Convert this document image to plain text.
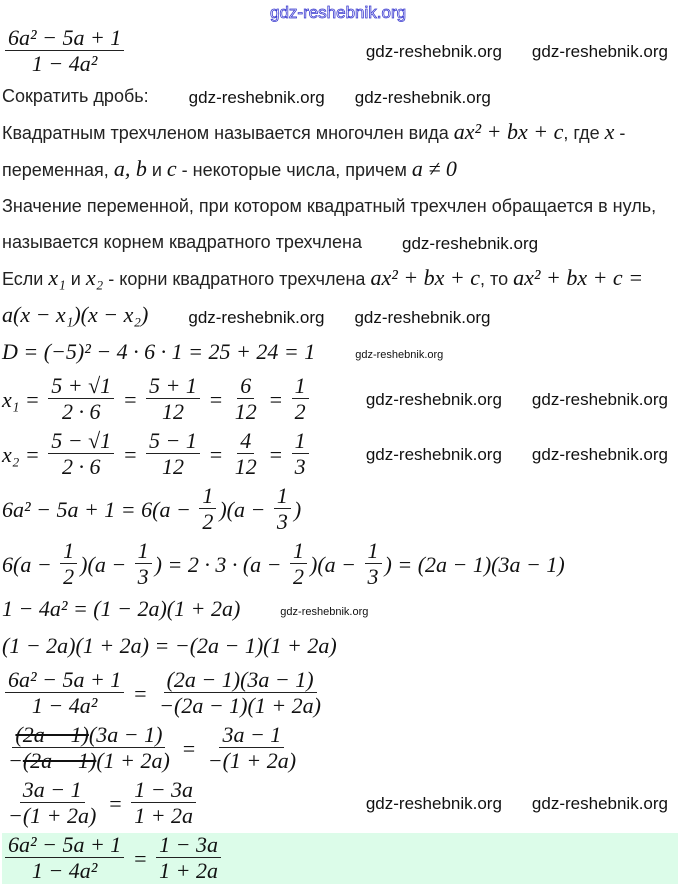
gdz-reshebnik.org
$\frac{\text{6a² − 5a + 1}}{\text{1 − 4a²}}$	gdz-reshebnik.org gdz-reshebnik.org
Сократить дробь: gdz-reshebnik.org gdz-reshebnik.org
Квадратным трехчленом называется многочлен вида ax² + bx + c, где x -
переменная, a, b и c - некоторые числа, причем a ≠ 0
Значение переменной, при котором квадратный трехчлен обращается в нуль,
называется корнем квадратного трехчлена gdz-reshebnik.org
Если x₁ и x₂ - корни квадратного трехчлена ax² + bx + c, то ax² + bx + c =
a(x − x₁)(x − x₂) gdz-reshebnik.org gdz-reshebnik.org
D = (−5)² − 4 · 6 · 1 = 25 + 24 = 1	gdz-reshebnik.org
$x_1 = \frac{5 + √1}{2 \cdot 6} = \frac{5 + 1}{12} = \frac{6}{12} = \frac{1}{2}$	gdz-reshebnik.org gdz-reshebnik.org
$x_2 = \frac{5 - √1}{2 \cdot 6} = \frac{5 - 1}{12} = \frac{4}{12} = \frac{1}{3}$	gdz-reshebnik.org gdz-reshebnik.org
$6a^2 - 5a + 1 = 6(a - \frac{1}{2} )(a - \frac{1}{3}$ )
$6(a - \frac{1}{2} )(a - \frac{1}{3}$ ) = $2 \cdot 3 \cdot (a - \frac{1}{2} )(a - \frac{1}{3}$ ) = (2a − 1)(3a − 1)
1 − 4a² = (1 − 2a)(1 + 2a)	gdz-reshebnik.org
(1 − 2a)(1 + 2a) = −(2a − 1)(1 + 2a)
$\frac{\text{6a² − 5a + 1}}{\text{1 − 4a²}} = \frac{(2a - 1)(3a - 1)}{-(2a - 1)(1 + 2a)}$
$\frac{(2a - 1)(3a - 1)}{-(2a - 1)(1 + 2a)} = \frac{3a - 1}{-(1 + 2a)}$
$\frac{3a - 1}{-(1 + 2a)} = \frac{1 - 3a}{1 + 2a}$	gdz-reshebnik.org gdz-reshebnik.org
$\frac{\text{6a² − 5a + 1}}{\text{1 − 4a²}} = \frac{1 - 3a}{1 + 2a}$
